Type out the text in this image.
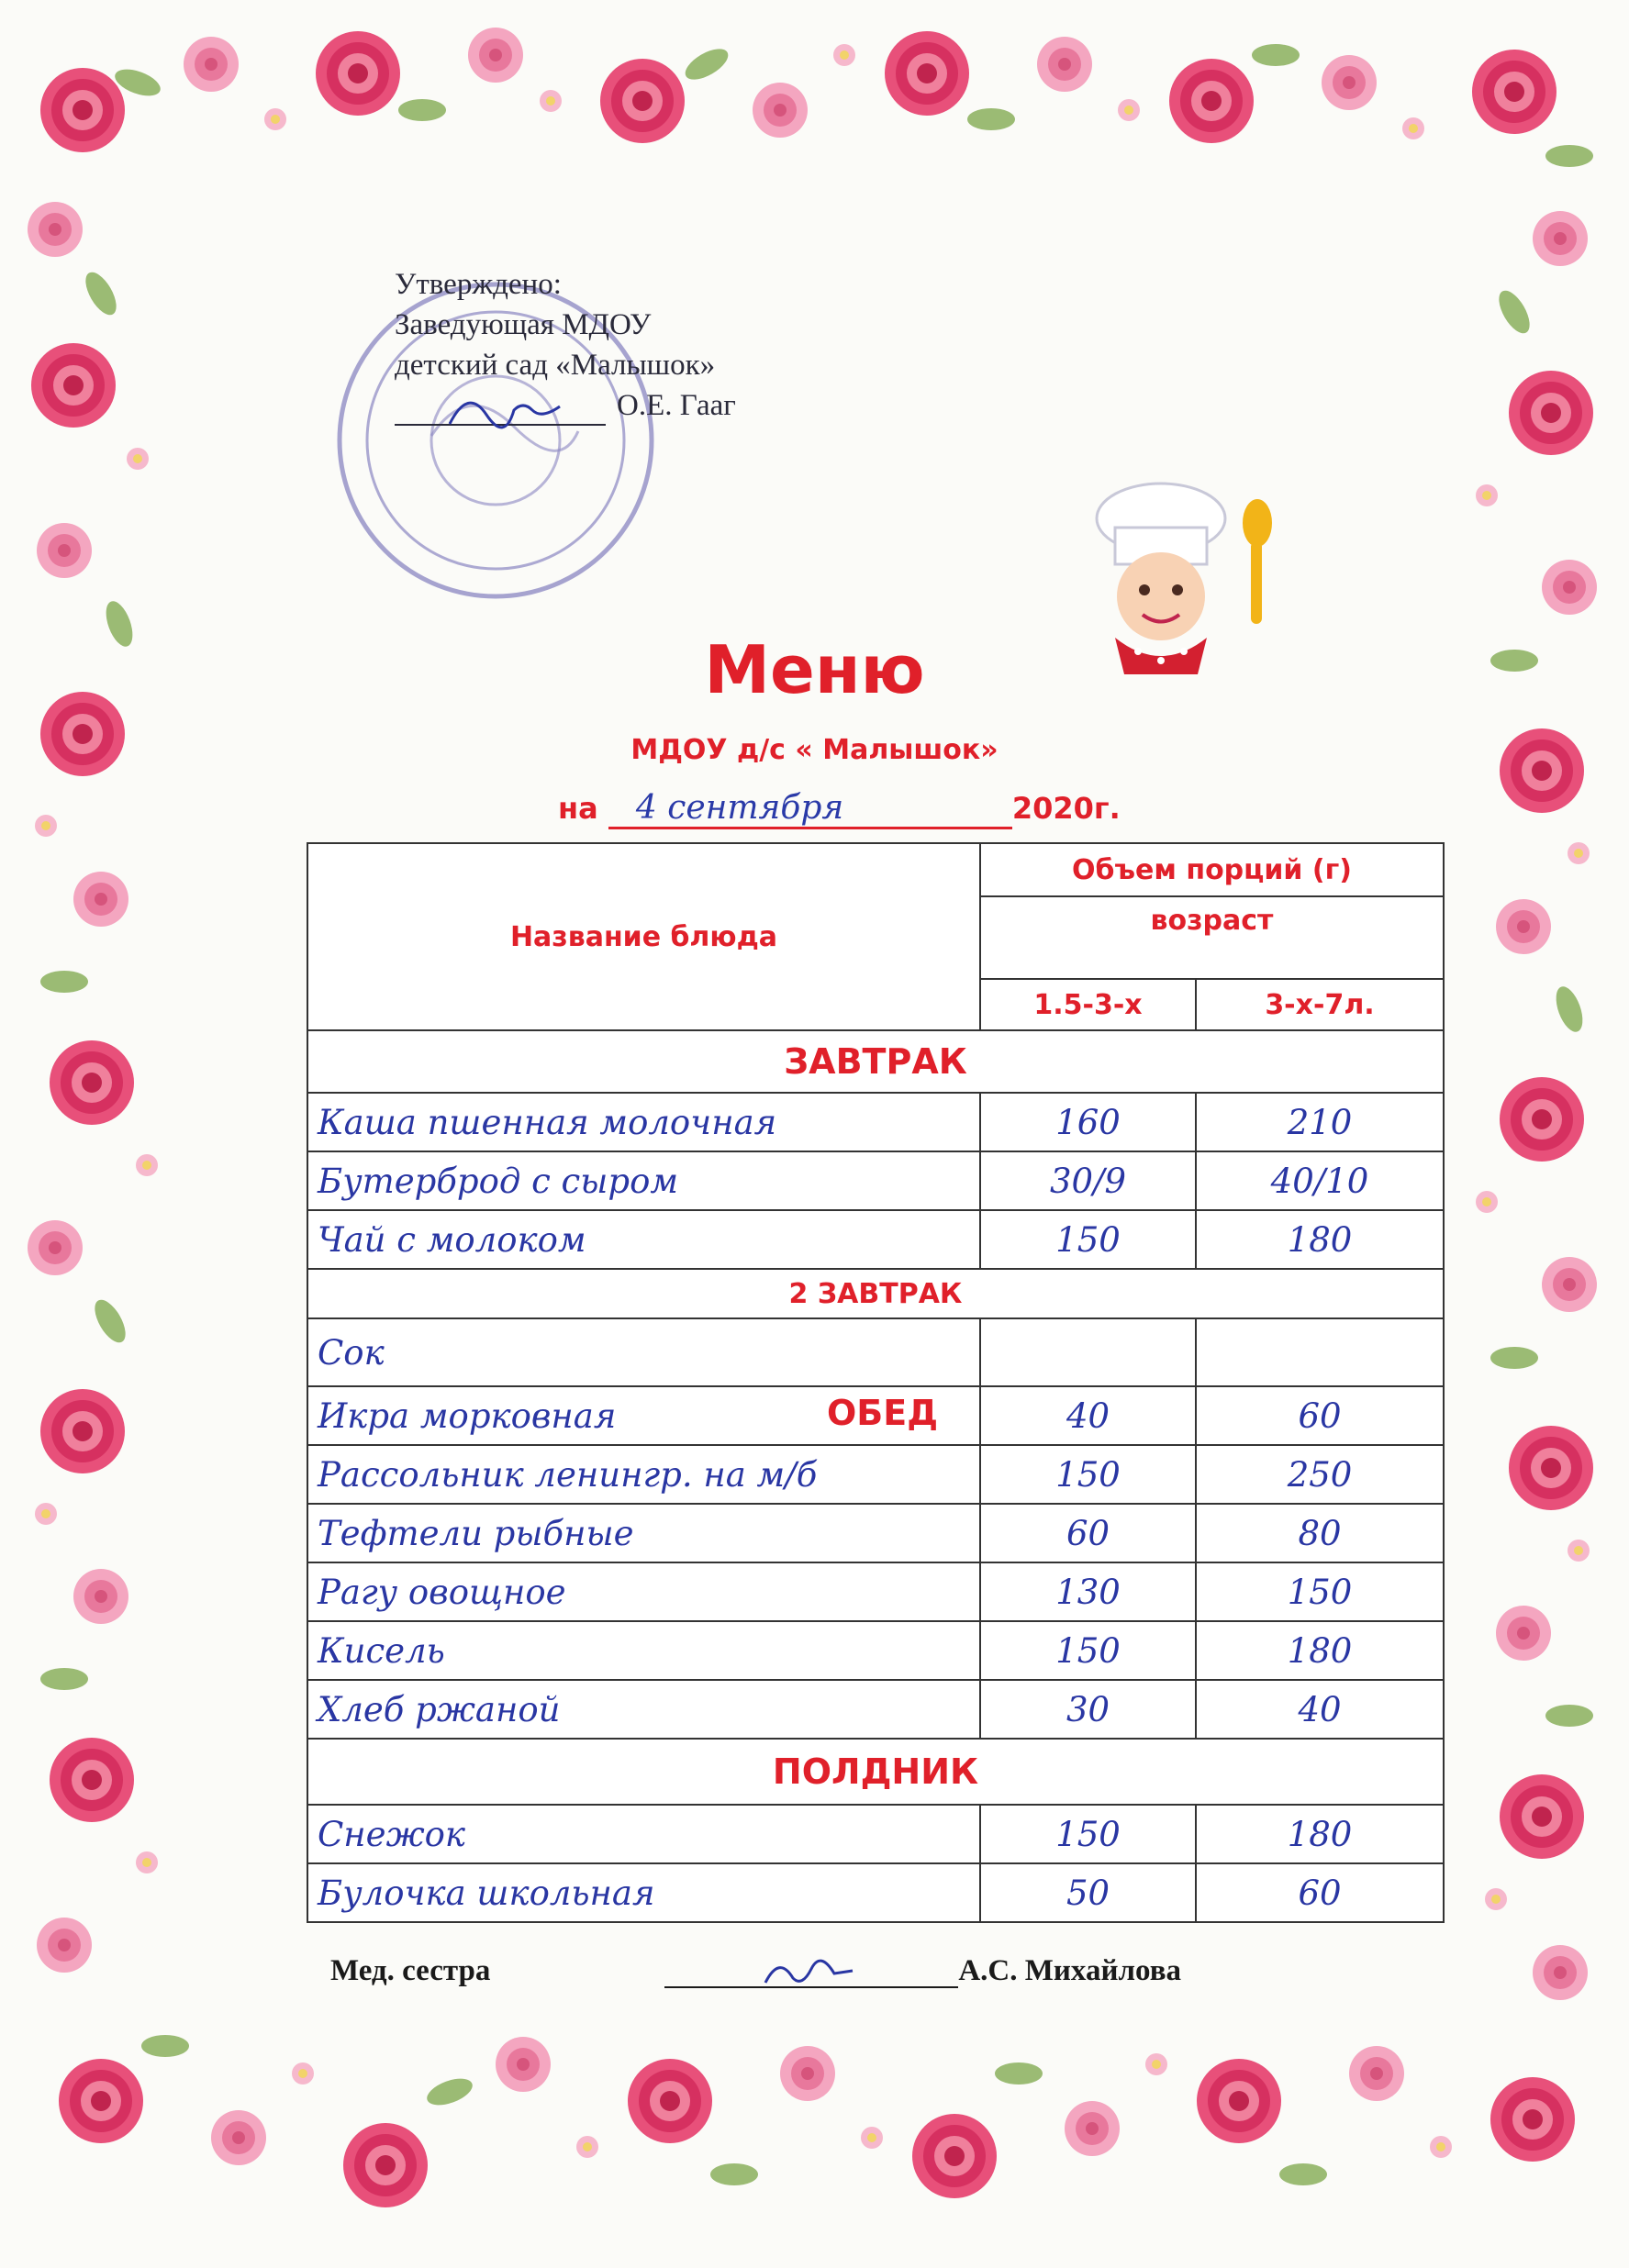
Утверждено:
Заведующая МДОУ
детский сад «Малышок»
О.Е. Гааг
Меню
МДОУ д/с « Малышок»
на 4 сентября	2020г.
Название блюда	Объем порций (г)	
	возраст	
	1.5-3-х	3-х-7л.
ЗАВТРАК		
Каша пшенная молочная	160	210
Бутерброд с сыром	30/9	40/10
Чай с молоком	150	180
2 ЗАВТРАК		
Сок		
Икра морковная ОБЕД	40	60
Рассольник ленингр. на м/б	150	250
Тефтели рыбные	60	80
Рагу овощное	130	150
Кисель	150	180
Хлеб ржаной	30	40
ПОЛДНИК		
Снежок	150	180
Булочка школьная	50	60
Мед. сестра	А.С. Михайлова
